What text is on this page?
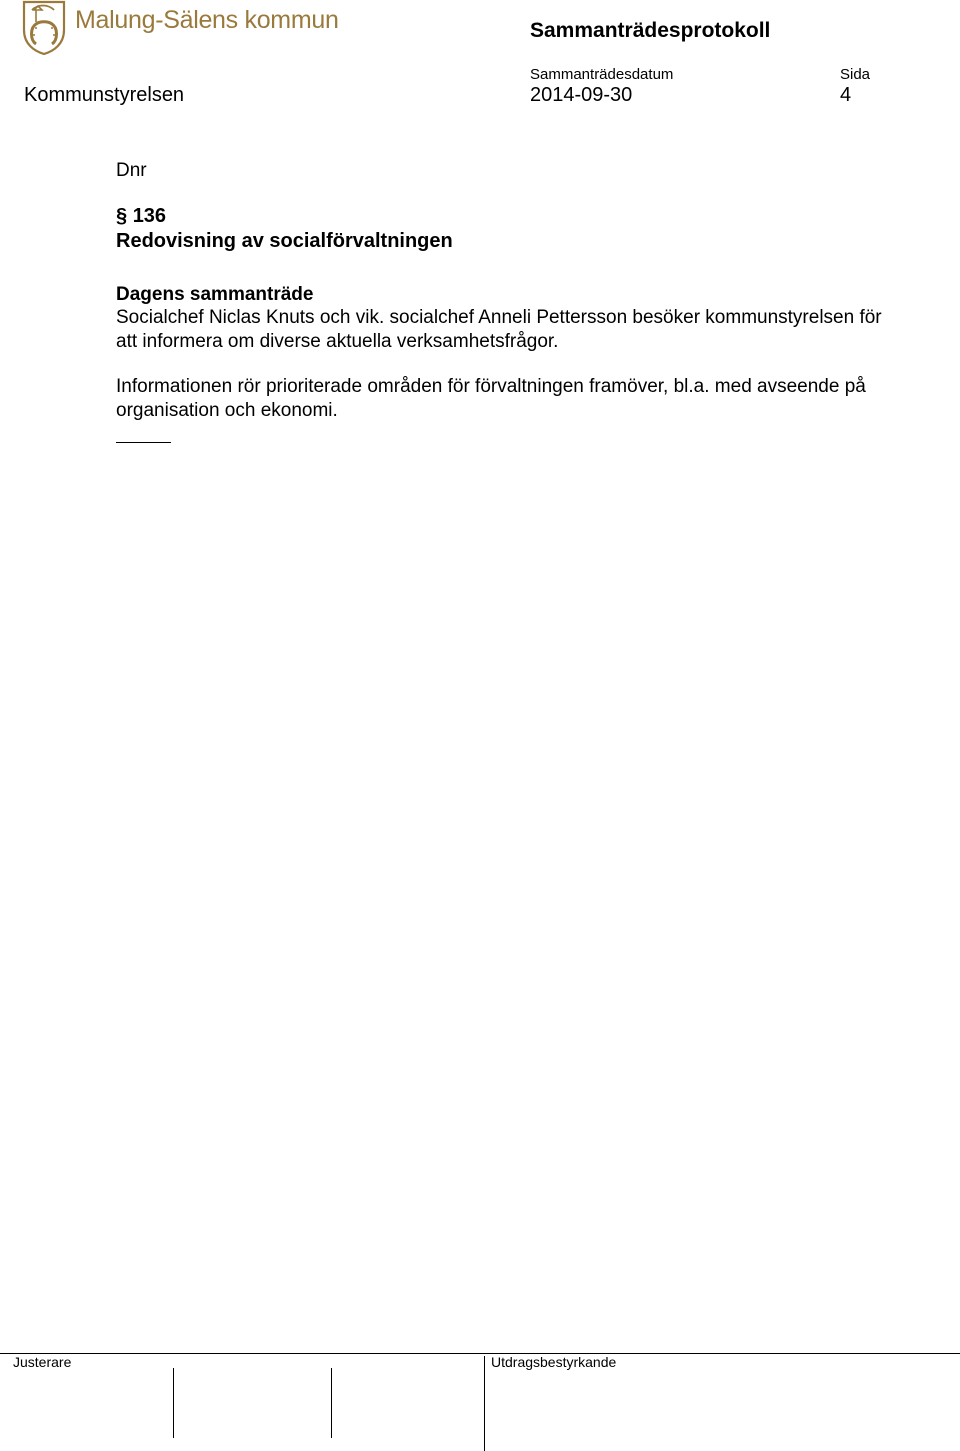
Malung-Sälens kommun	Sammanträdesprotokoll
Sammanträdesdatum	Sida
Kommunstyrelsen	2014-09-30	4
Dnr
§ 136
Redovisning av socialförvaltningen
Dagens sammanträde
Socialchef Niclas Knuts och vik. socialchef Anneli Pettersson besöker kommunstyrelsen för att informera om diverse aktuella verksamhetsfrågor.
Informationen rör prioriterade områden för förvaltningen framöver, bl.a. med avseende på organisation och ekonomi.
Justerare	Utdragsbestyrkande
